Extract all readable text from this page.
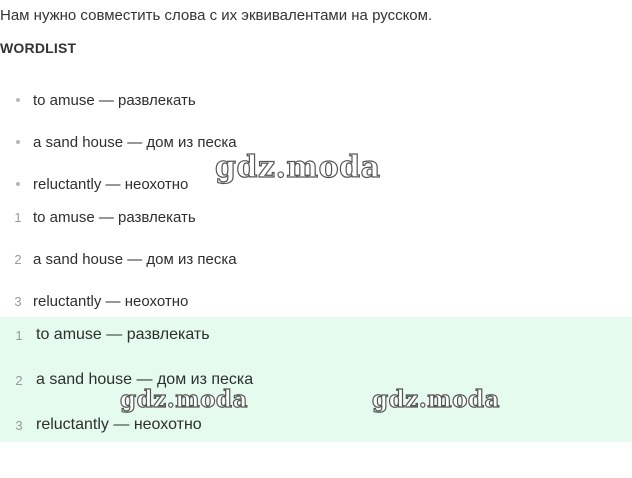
Нам нужно совместить слова с их эквивалентами на русском.
WORDLIST
to amuse — развлекать
a sand house — дом из песка
reluctantly — неохотно
1 to amuse — развлекать
2 a sand house — дом из песка
3 reluctantly — неохотно
1 to amuse — развлекать
2 a sand house — дом из песка
3 reluctantly — неохотно
gdz.moda
gdz.moda	gdz.moda
